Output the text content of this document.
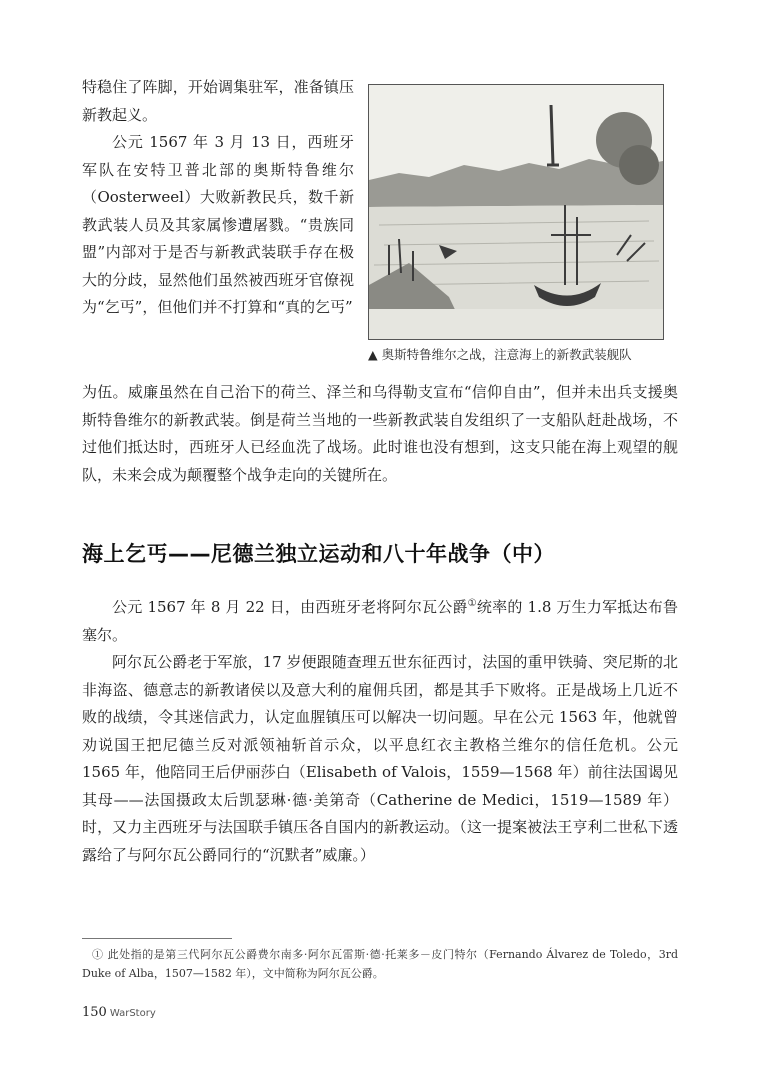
特稳住了阵脚，开始调集驻军，准备镇压新教起义。

公元 1567 年 3 月 13 日，西班牙军队在安特卫普北部的奥斯特鲁维尔（Oosterweel）大败新教民兵，数千新教武装人员及其家属惨遭屠戮。“贵族同盟”内部对于是否与新教武装联手存在极大的分歧，显然他们虽然被西班牙官僚视为“乞丐”，但他们并不打算和“真的乞丐”

▲ 奥斯特鲁维尔之战，注意海上的新教武装舰队

为伍。威廉虽然在自己治下的荷兰、泽兰和乌得勒支宣布“信仰自由”，但并未出兵支援奥斯特鲁维尔的新教武装。倒是荷兰当地的一些新教武装自发组织了一支船队赶赴战场，不过他们抵达时，西班牙人已经血洗了战场。此时谁也没有想到，这支只能在海上观望的舰队，未来会成为颠覆整个战争走向的关键所在。

海上乞丐——尼德兰独立运动和八十年战争（中）

公元 1567 年 8 月 22 日，由西班牙老将阿尔瓦公爵①统率的 1.8 万生力军抵达布鲁塞尔。

阿尔瓦公爵老于军旅，17 岁便跟随查理五世东征西讨，法国的重甲铁骑、突尼斯的北非海盗、德意志的新教诸侯以及意大利的雇佣兵团，都是其手下败将。正是战场上几近不败的战绩，令其迷信武力，认定血腥镇压可以解决一切问题。早在公元 1563 年，他就曾劝说国王把尼德兰反对派领袖斩首示众，以平息红衣主教格兰维尔的信任危机。公元 1565 年，他陪同王后伊丽莎白（Elisabeth of Valois，1559—1568 年）前往法国谒见其母——法国摄政太后凯瑟琳·德·美第奇（Catherine de Medici，1519—1589 年）时，又力主西班牙与法国联手镇压各自国内的新教运动。（这一提案被法王亨利二世私下透露给了与阿尔瓦公爵同行的“沉默者”威廉。）

① 此处指的是第三代阿尔瓦公爵费尔南多·阿尔瓦雷斯·德·托莱多－皮门特尔（Fernando Álvarez de Toledo，3rd Duke of Alba，1507—1582 年），文中简称为阿尔瓦公爵。

150 WarStory
